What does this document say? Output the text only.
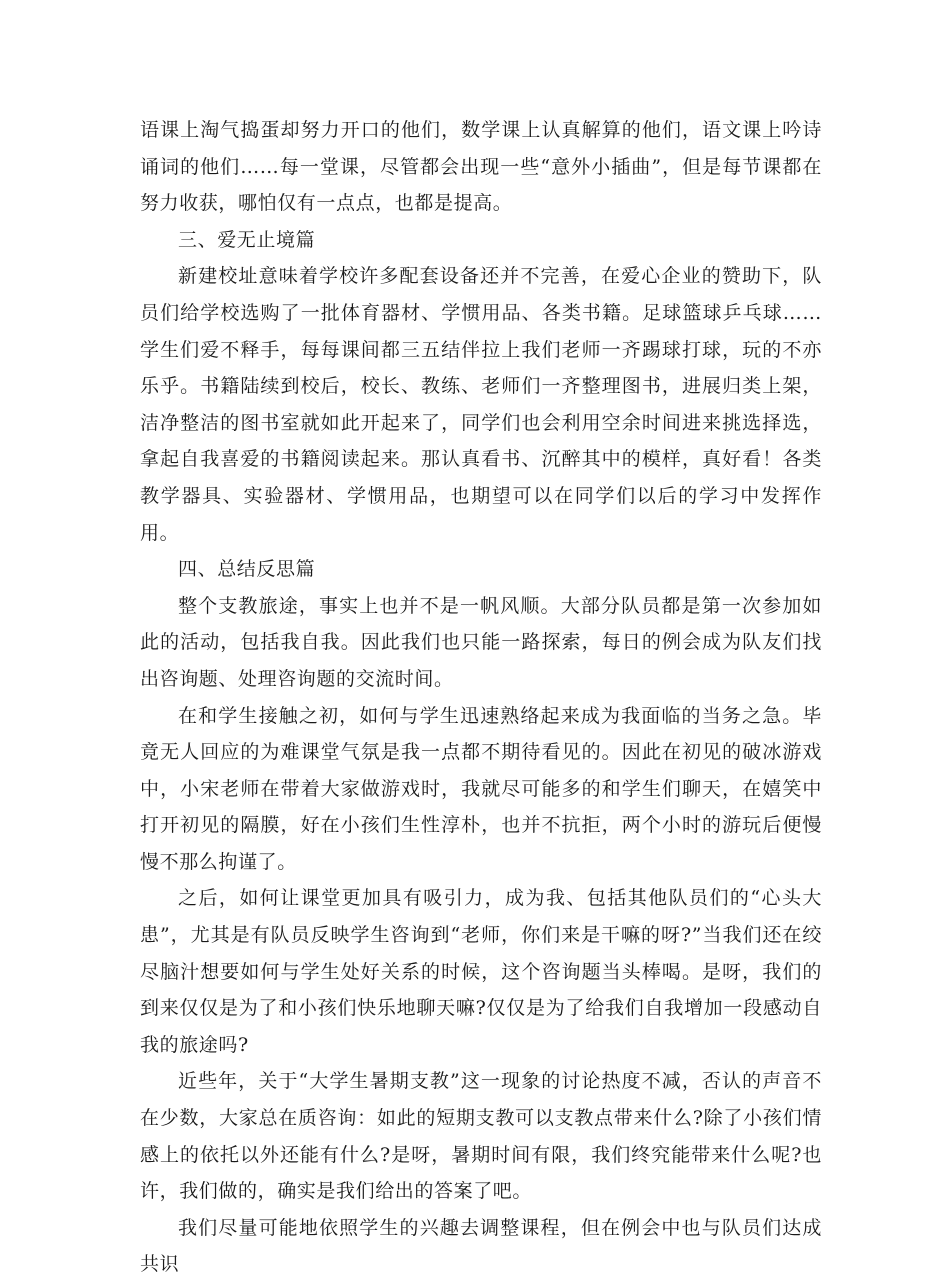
语课上淘气捣蛋却努力开口的他们，数学课上认真解算的他们，语文课上吟诗诵词的他们……每一堂课，尽管都会出现一些“意外小插曲”，但是每节课都在努力收获，哪怕仅有一点点，也都是提高。

三、爱无止境篇

新建校址意味着学校许多配套设备还并不完善，在爱心企业的赞助下，队员们给学校选购了一批体育器材、学惯用品、各类书籍。足球篮球乒乓球……学生们爱不释手，每每课间都三五结伴拉上我们老师一齐踢球打球，玩的不亦乐乎。书籍陆续到校后，校长、教练、老师们一齐整理图书，进展归类上架，洁净整洁的图书室就如此开起来了，同学们也会利用空余时间进来挑选择选，拿起自我喜爱的书籍阅读起来。那认真看书、沉醉其中的模样，真好看！各类教学器具、实验器材、学惯用品，也期望可以在同学们以后的学习中发挥作用。

四、总结反思篇

整个支教旅途，事实上也并不是一帆风顺。大部分队员都是第一次参加如此的活动，包括我自我。因此我们也只能一路探索，每日的例会成为队友们找出咨询题、处理咨询题的交流时间。

在和学生接触之初，如何与学生迅速熟络起来成为我面临的当务之急。毕竟无人回应的为难课堂气氛是我一点都不期待看见的。因此在初见的破冰游戏中，小宋老师在带着大家做游戏时，我就尽可能多的和学生们聊天，在嬉笑中打开初见的隔膜，好在小孩们生性淳朴，也并不抗拒，两个小时的游玩后便慢慢不那么拘谨了。

之后，如何让课堂更加具有吸引力，成为我、包括其他队员们的“心头大患”，尤其是有队员反映学生咨询到“老师，你们来是干嘛的呀?”当我们还在绞尽脑汁想要如何与学生处好关系的时候，这个咨询题当头棒喝。是呀，我们的到来仅仅是为了和小孩们快乐地聊天嘛?仅仅是为了给我们自我增加一段感动自我的旅途吗?

近些年，关于“大学生暑期支教”这一现象的讨论热度不减，否认的声音不在少数，大家总在质咨询：如此的短期支教可以支教点带来什么?除了小孩们情感上的依托以外还能有什么?是呀，暑期时间有限，我们终究能带来什么呢?也许，我们做的，确实是我们给出的答案了吧。

我们尽量可能地依照学生的兴趣去调整课程，但在例会中也与队员们达成共识
